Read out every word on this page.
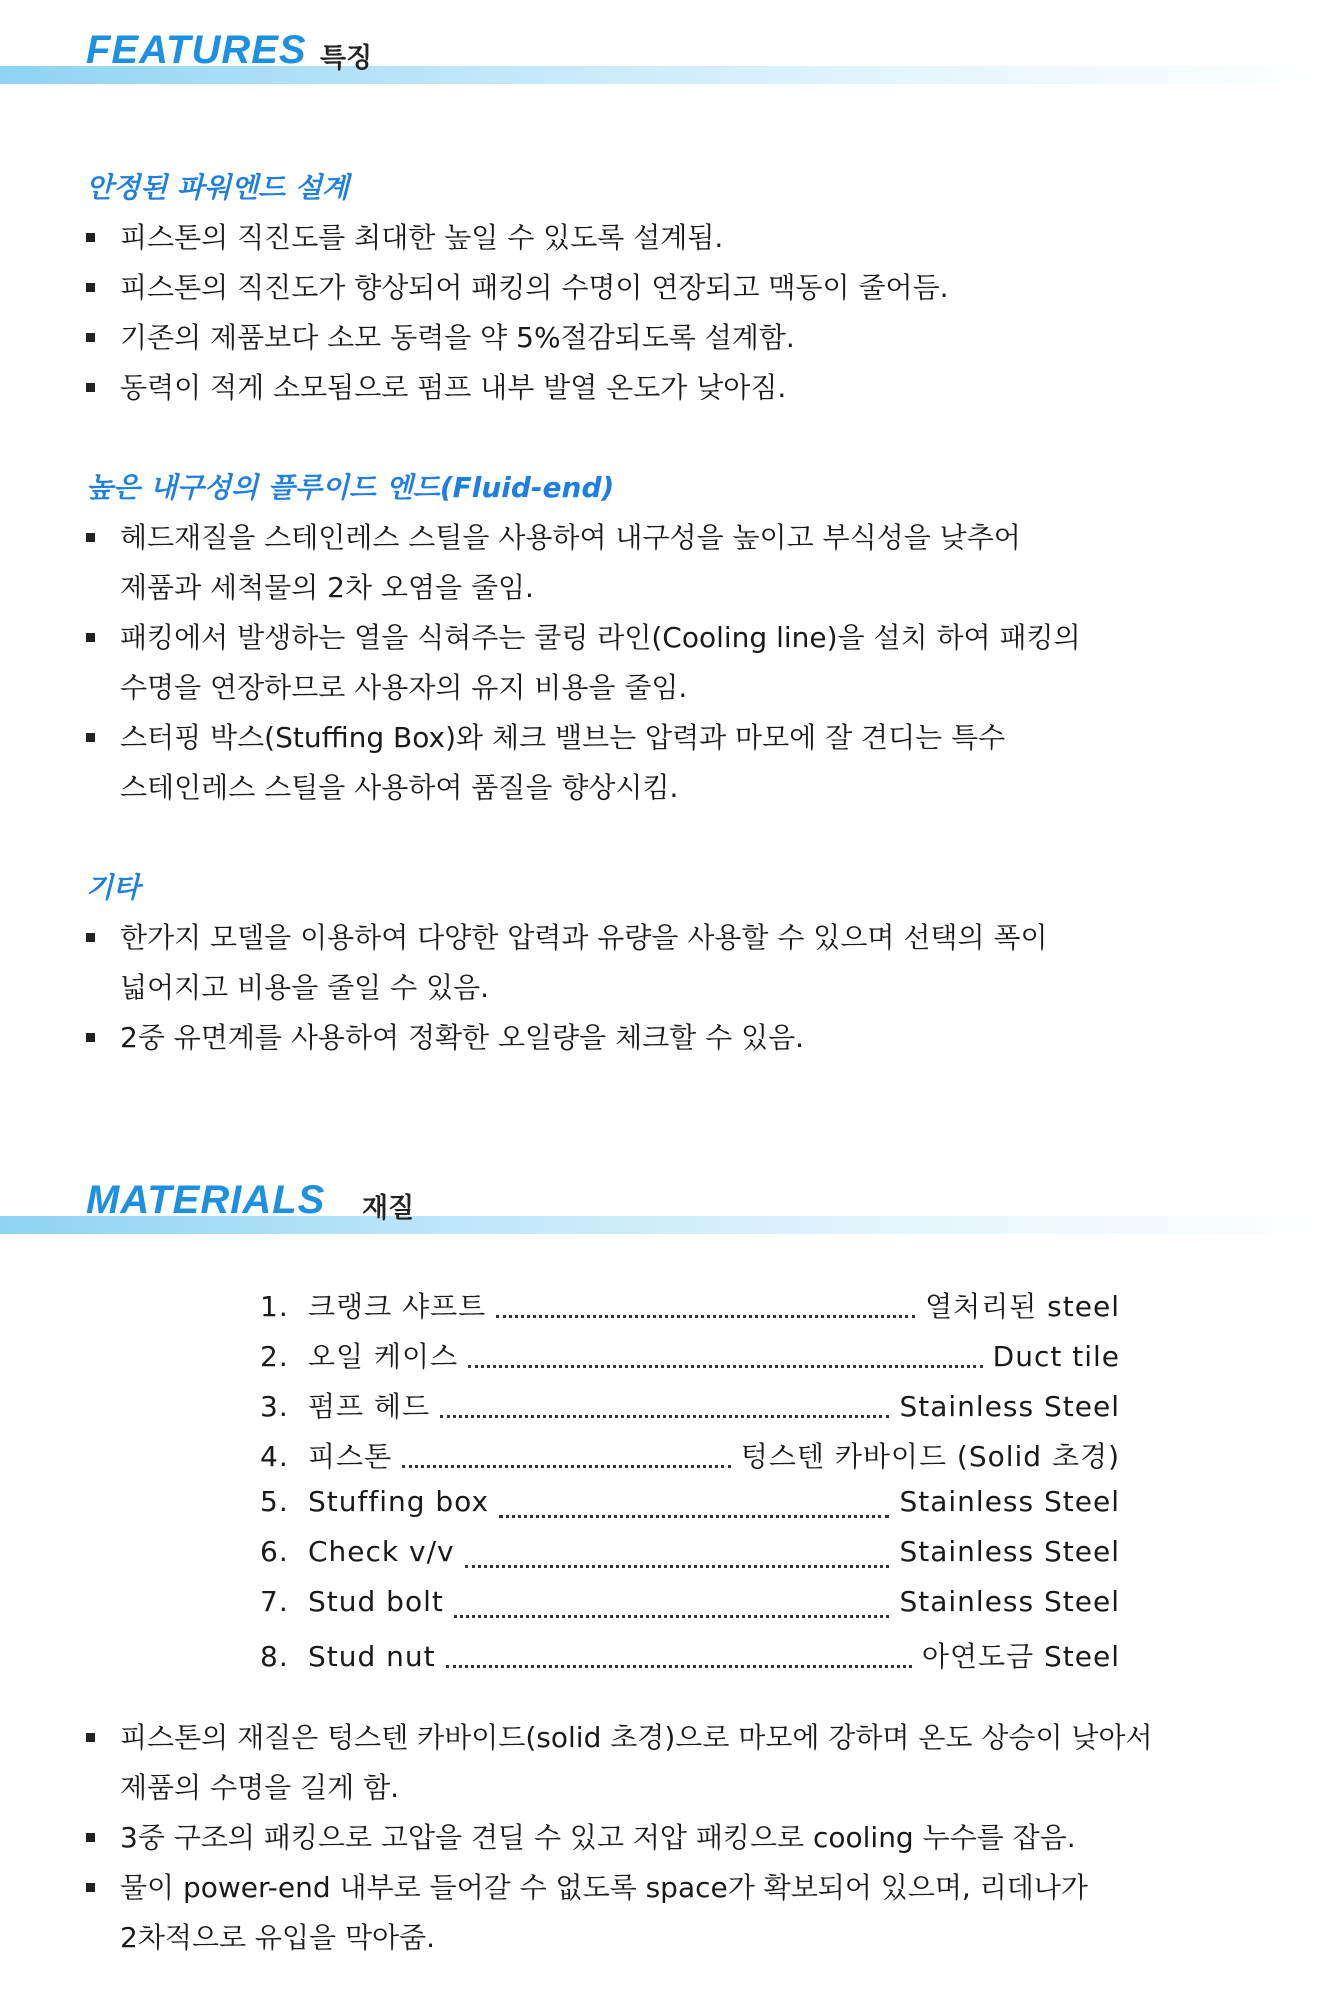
FEATURES 특징
안정된 파워엔드 설계
피스톤의 직진도를 최대한 높일 수 있도록 설계됨.
피스톤의 직진도가 향상되어 패킹의 수명이 연장되고 맥동이 줄어듬.
기존의 제품보다 소모 동력을 약 5%절감되도록 설계함.
동력이 적게 소모됨으로 펌프 내부 발열 온도가 낮아짐.
높은 내구성의 플루이드 엔드(Fluid-end)
헤드재질을 스테인레스 스틸을 사용하여 내구성을 높이고 부식성을 낮추어
제품과 세척물의 2차 오염을 줄임.
패킹에서 발생하는 열을 식혀주는 쿨링 라인(Cooling line)을 설치 하여 패킹의
수명을 연장하므로 사용자의 유지 비용을 줄임.
스터핑 박스(Stuffing Box)와 체크 밸브는 압력과 마모에 잘 견디는 특수
스테인레스 스틸을 사용하여 품질을 향상시킴.
기타
한가지 모델을 이용하여 다양한 압력과 유량을 사용할 수 있으며 선택의 폭이
넓어지고 비용을 줄일 수 있음.
2중 유면계를 사용하여 정확한 오일량을 체크할 수 있음.
MATERIALS 재질
1. 크랭크 샤프트	열처리된 steel
2. 오일 케이스	Duct tile
3. 펌프 헤드	Stainless Steel
4. 피스톤	텅스텐 카바이드 (Solid 초경)
5. Stuffing box	Stainless Steel
6. Check v/v	Stainless Steel
7. Stud bolt	Stainless Steel
8. Stud nut	아연도금 Steel
피스톤의 재질은 텅스텐 카바이드(solid 초경)으로 마모에 강하며 온도 상승이 낮아서
제품의 수명을 길게 함.
3중 구조의 패킹으로 고압을 견딜 수 있고 저압 패킹으로 cooling 누수를 잡음.
물이 power-end 내부로 들어갈 수 없도록 space가 확보되어 있으며, 리데나가
2차적으로 유입을 막아줌.
